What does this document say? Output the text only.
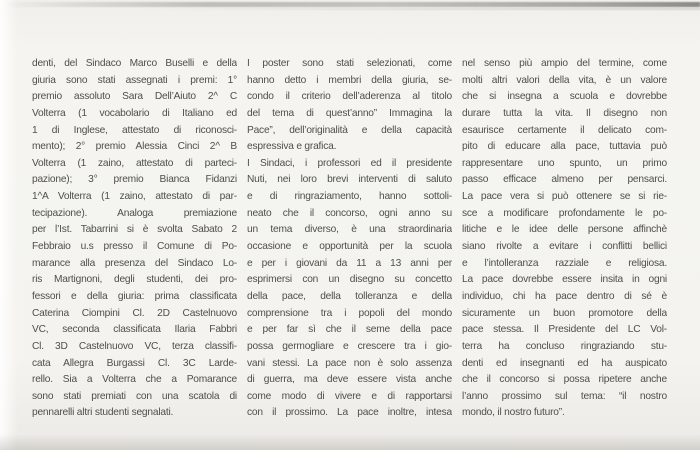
denti, del Sindaco Marco Buselli e della
giuria sono stati assegnati i premi: 1°
premio assoluto Sara Dell’Aiuto 2^ C
Volterra (1 vocabolario di Italiano ed
1 di Inglese, attestato di riconosci-
mento); 2° premio Alessia Cinci 2^ B
Volterra (1 zaino, attestato di parteci-
pazione); 3° premio Bianca Fidanzi
1^A Volterra (1 zaino, attestato di par-
tecipazione). Analoga premiazione
per l’Ist. Tabarrini si è svolta Sabato 2
Febbraio u.s presso il Comune di Po-
marance alla presenza del Sindaco Lo-
ris Martignoni, degli studenti, dei pro-
fessori e della giuria: prima classificata
Caterina Ciompini Cl. 2D Castelnuovo
VC, seconda classificata Ilaria Fabbri
Cl. 3D Castelnuovo VC, terza classifi-
cata Allegra Burgassi Cl. 3C Larde-
rello. Sia a Volterra che a Pomarance
sono stati premiati con una scatola di
pennarelli altri studenti segnalati.
I poster sono stati selezionati, come
hanno detto i membri della giuria, se-
condo il criterio dell’aderenza al titolo
del tema di quest’anno” Immagina la
Pace”, dell’originalità e della capacità
espressiva e grafica.
I Sindaci, i professori ed il presidente
Nuti, nei loro brevi interventi di saluto
e di ringraziamento, hanno sottoli-
neato che il concorso, ogni anno su
un tema diverso, è una straordinaria
occasione e opportunità per la scuola
e per i giovani da 11 a 13 anni per
esprimersi con un disegno su concetto
della pace, della tolleranza e della
comprensione tra i popoli del mondo
e per far sì che il seme della pace
possa germogliare e crescere tra i gio-
vani stessi. La pace non è solo assenza
di guerra, ma deve essere vista anche
come modo di vivere e di rapportarsi
con il prossimo. La pace inoltre, intesa
nel senso più ampio del termine, come
molti altri valori della vita, è un valore
che si insegna a scuola e dovrebbe
durare tutta la vita. Il disegno non
esaurisce certamente il delicato com-
pito di educare alla pace, tuttavia può
rappresentare uno spunto, un primo
passo efficace almeno per pensarci.
La pace vera si può ottenere se si rie-
sce a modificare profondamente le po-
litiche e le idee delle persone affinchè
siano rivolte a evitare i conflitti bellici
e l’intolleranza razziale e religiosa.
La pace dovrebbe essere insita in ogni
individuo, chi ha pace dentro di sé è
sicuramente un buon promotore della
pace stessa. Il Presidente del LC Vol-
terra ha concluso ringraziando stu-
denti ed insegnanti ed ha auspicato
che il concorso si possa ripetere anche
l’anno prossimo sul tema: “il nostro
mondo, il nostro futuro”.
